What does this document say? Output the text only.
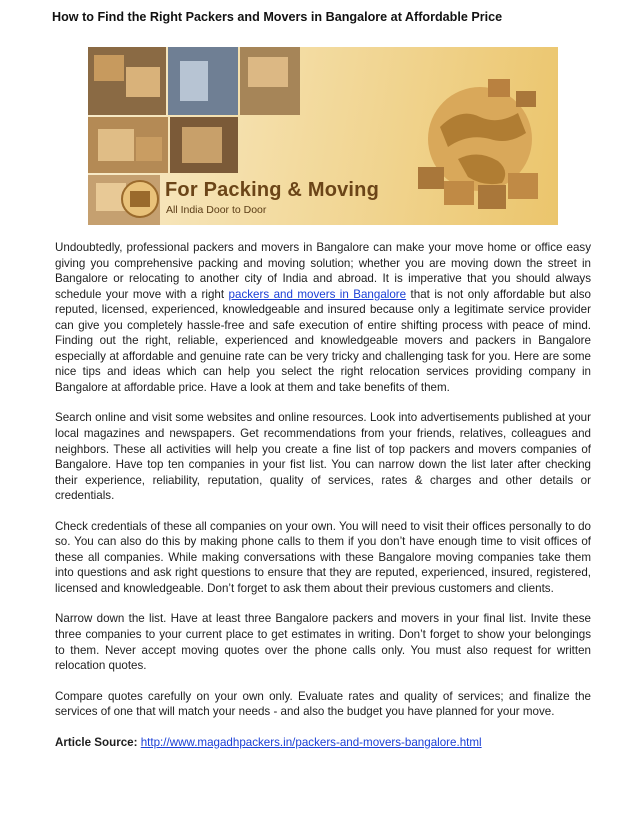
How to Find the Right Packers and Movers in Bangalore at Affordable Price
For Packing & Moving
All India Door to Door

Undoubtedly, professional packers and movers in Bangalore can make your move home or office easy giving you comprehensive packing and moving solution; whether you are moving down the street in Bangalore or relocating to another city of India and abroad. It is imperative that you should always schedule your move with a right packers and movers in Bangalore that is not only affordable but also reputed, licensed, experienced, knowledgeable and insured because only a legitimate service provider can give you completely hassle-free and safe execution of entire shifting process with peace of mind. Finding out the right, reliable, experienced and knowledgeable movers and packers in Bangalore especially at affordable and genuine rate can be very tricky and challenging task for you. Here are some nice tips and ideas which can help you select the right relocation services providing company in Bangalore at affordable price. Have a look at them and take benefits of them.

Search online and visit some websites and online resources. Look into advertisements published at your local magazines and newspapers. Get recommendations from your friends, relatives, colleagues and neighbors. These all activities will help you create a fine list of top packers and movers companies of Bangalore. Have top ten companies in your fist list. You can narrow down the list later after checking their experience, reliability, reputation, quality of services, rates & charges and other details or credentials.

Check credentials of these all companies on your own. You will need to visit their offices personally to do so. You can also do this by making phone calls to them if you don’t have enough time to visit offices of these all companies. While making conversations with these Bangalore moving companies take them into questions and ask right questions to ensure that they are reputed, experienced, insured, registered, licensed and knowledgeable. Don’t forget to ask them about their previous customers and clients.

Narrow down the list. Have at least three Bangalore packers and movers in your final list. Invite these three companies to your current place to get estimates in writing. Don’t forget to show your belongings to them. Never accept moving quotes over the phone calls only. You must also request for written relocation quotes.

Compare quotes carefully on your own only. Evaluate rates and quality of services; and finalize the services of one that will match your needs - and also the budget you have planned for your move.

Article Source: http://www.magadhpackers.in/packers-and-movers-bangalore.html
